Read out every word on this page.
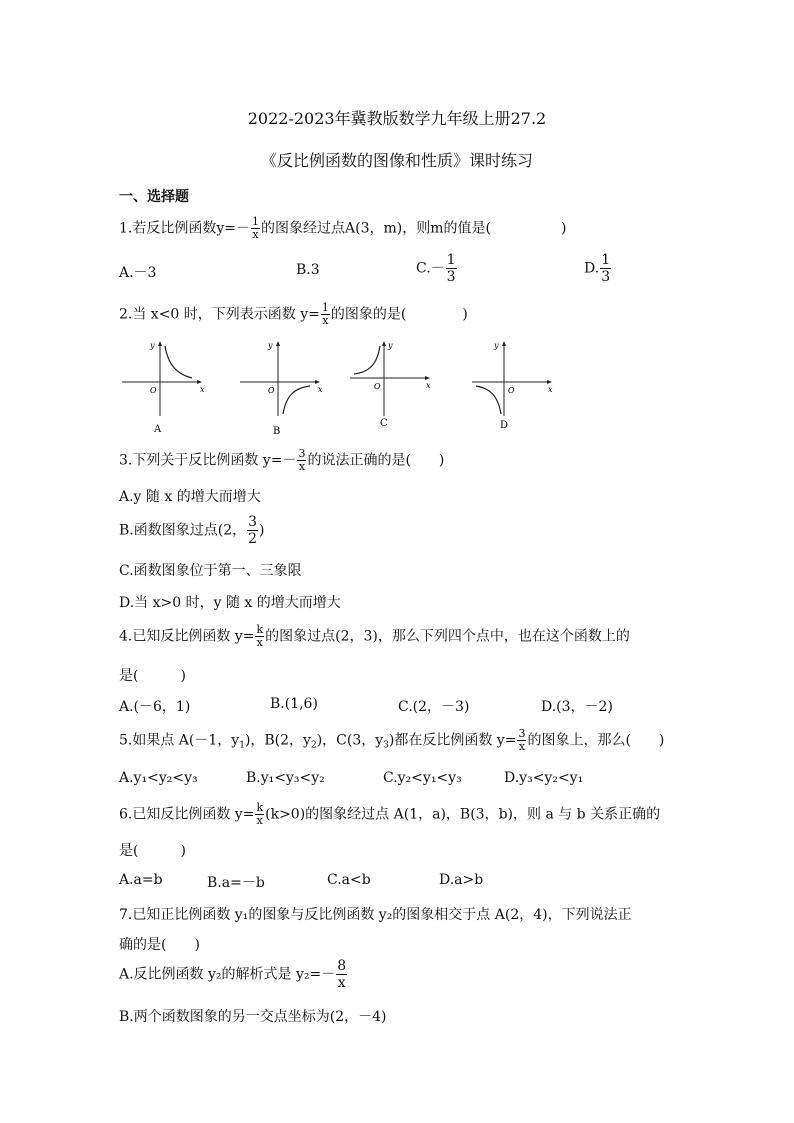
2022-2023年冀教版数学九年级上册27.2
《反比例函数的图像和性质》课时练习
一、选择题
1.若反比例函数$y=- \frac{1}{x}$ 的图象经过点A(3，m)，则m的值是(　　　　　)
A.－3	B.3	$C.- \frac{1}{3}$	D. $\frac{1}{3}$
2.当 x<0 时，下列表示函数 $y= \frac{1}{x}$ 的图象的是(　　　　)
y
x
O
A
y
x
O
B
y
x
O
C
y
x
O
D
3.下列关于反比例函数 $y=- \frac{3}{x}$ 的说法正确的是(　　)
A.y 随 x 的增大而增大
B.函数图象过点(2， $\frac{3}{2}$ )
C.函数图象位于第一、三象限
D.当 x>0 时，y 随 x 的增大而增大
4.已知反比例函数 $y= \frac{k}{x}$ 的图象过点(2，3)，那么下列四个点中，也在这个函数上的
是(　　　)
A.(－6，1)	B.(1,6)	C.(2，－3)	D.(3，－2)
5.如果点 A(－1，$y_1$)，B(2，$y_2$)，C(3，$y_3$)都在反比例函数 $y= \frac{3}{x}$ 的图象上，那么(　　)
A.y₁<y₂<y₃	B.y₁<y₃<y₂	C.y₂<y₁<y₃	D.y₃<y₂<y₁
6.已知反比例函数 $y= \frac{k}{x} (k>0)$的图象经过点 A(1，a)，B(3，b)，则 a 与 b 关系正确的
是(　　　)
A.a=b	B.a=－b	C.a<b	D.a>b
7.已知正比例函数 y₁的图象与反比例函数 y₂的图象相交于点 A(2，4)，下列说法正
确的是(　　)
A.反比例函数 y₂的解析式是 $y_2=- \frac{8}{x}$
B.两个函数图象的另一交点坐标为(2，－4)
